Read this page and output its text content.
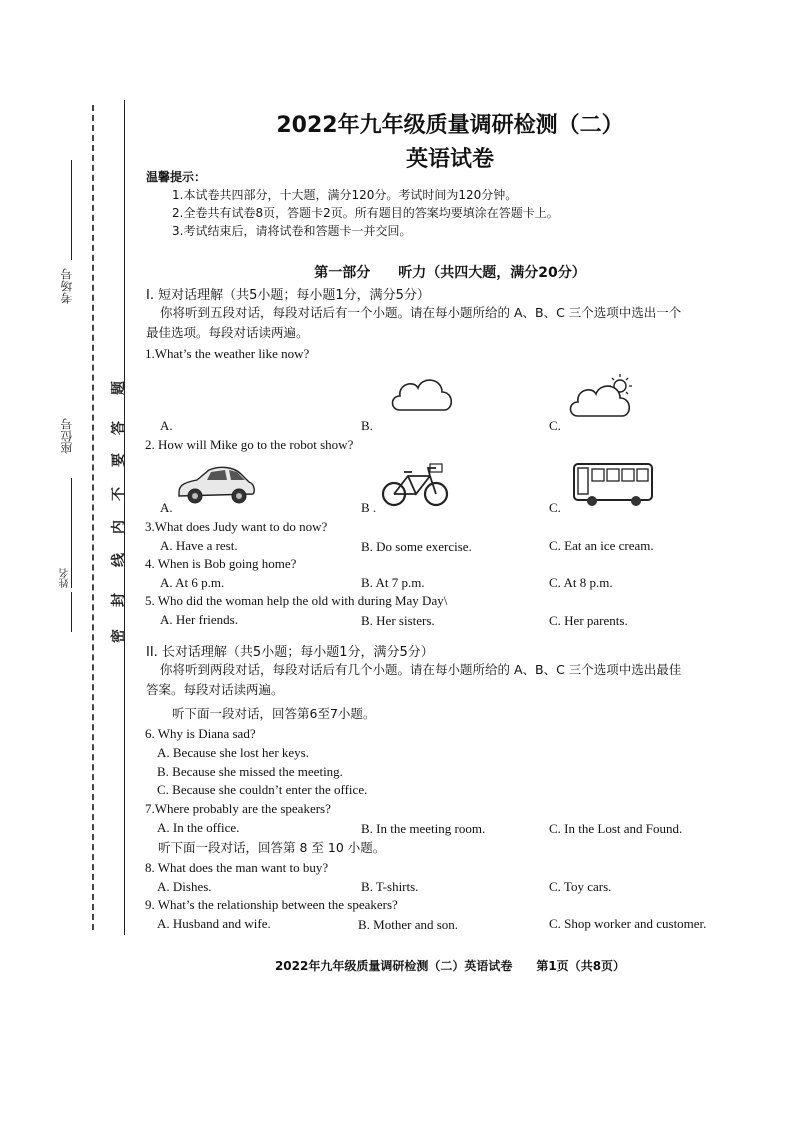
考场号
座位号
姓名
题
答
要
不
内
线
封
密
2022年九年级质量调研检测（二）
英语试卷
温馨提示：
1.本试卷共四部分，十大题，满分120分。考试时间为120分钟。
2.全卷共有试卷8页，答题卡2页。所有题目的答案均要填涂在答题卡上。
3.考试结束后，请将试卷和答题卡一并交回。
第一部分　　听力（共四大题，满分20分）
Ⅰ. 短对话理解（共5小题；每小题1分，满分5分）
你将听到五段对话，每段对话后有一个小题。请在每小题所给的 A、B、C 三个选项中选出一个
最佳选项。每段对话读两遍。
1.What’s the weather like now?
A.	B.	C.
2. How will Mike go to the robot show?
A.	B .	C.
3.What does Judy want to do now?
A. Have a rest.	B. Do some exercise.	C. Eat an ice cream.
4. When is Bob going home?
A. At 6 p.m.	B. At 7 p.m.	C. At 8 p.m.
5. Who did the woman help the old with during May Day\
A. Her friends.	B. Her sisters.	C. Her parents.
II. 长对话理解（共5小题；每小题1分，满分5分）
你将听到两段对话，每段对话后有几个小题。请在每小题所给的 A、B、C 三个选项中选出最佳
答案。每段对话读两遍。
听下面一段对话，回答第6至7小题。
6. Why is Diana sad?
A. Because she lost her keys.
B. Because she missed the meeting.
C. Because she couldn’t enter the office.
7.Where probably are the speakers?
A. In the office.	B. In the meeting room.	C. In the Lost and Found.
听下面一段对话，回答第 8 至 10 小题。
8. What does the man want to buy?
A. Dishes.	B. T-shirts.	C. Toy cars.
9. What’s the relationship between the speakers?
A. Husband and wife.	B. Mother and son.	C. Shop worker and customer.
2022年九年级质量调研检测（二）英语试卷　　第1页（共8页）
